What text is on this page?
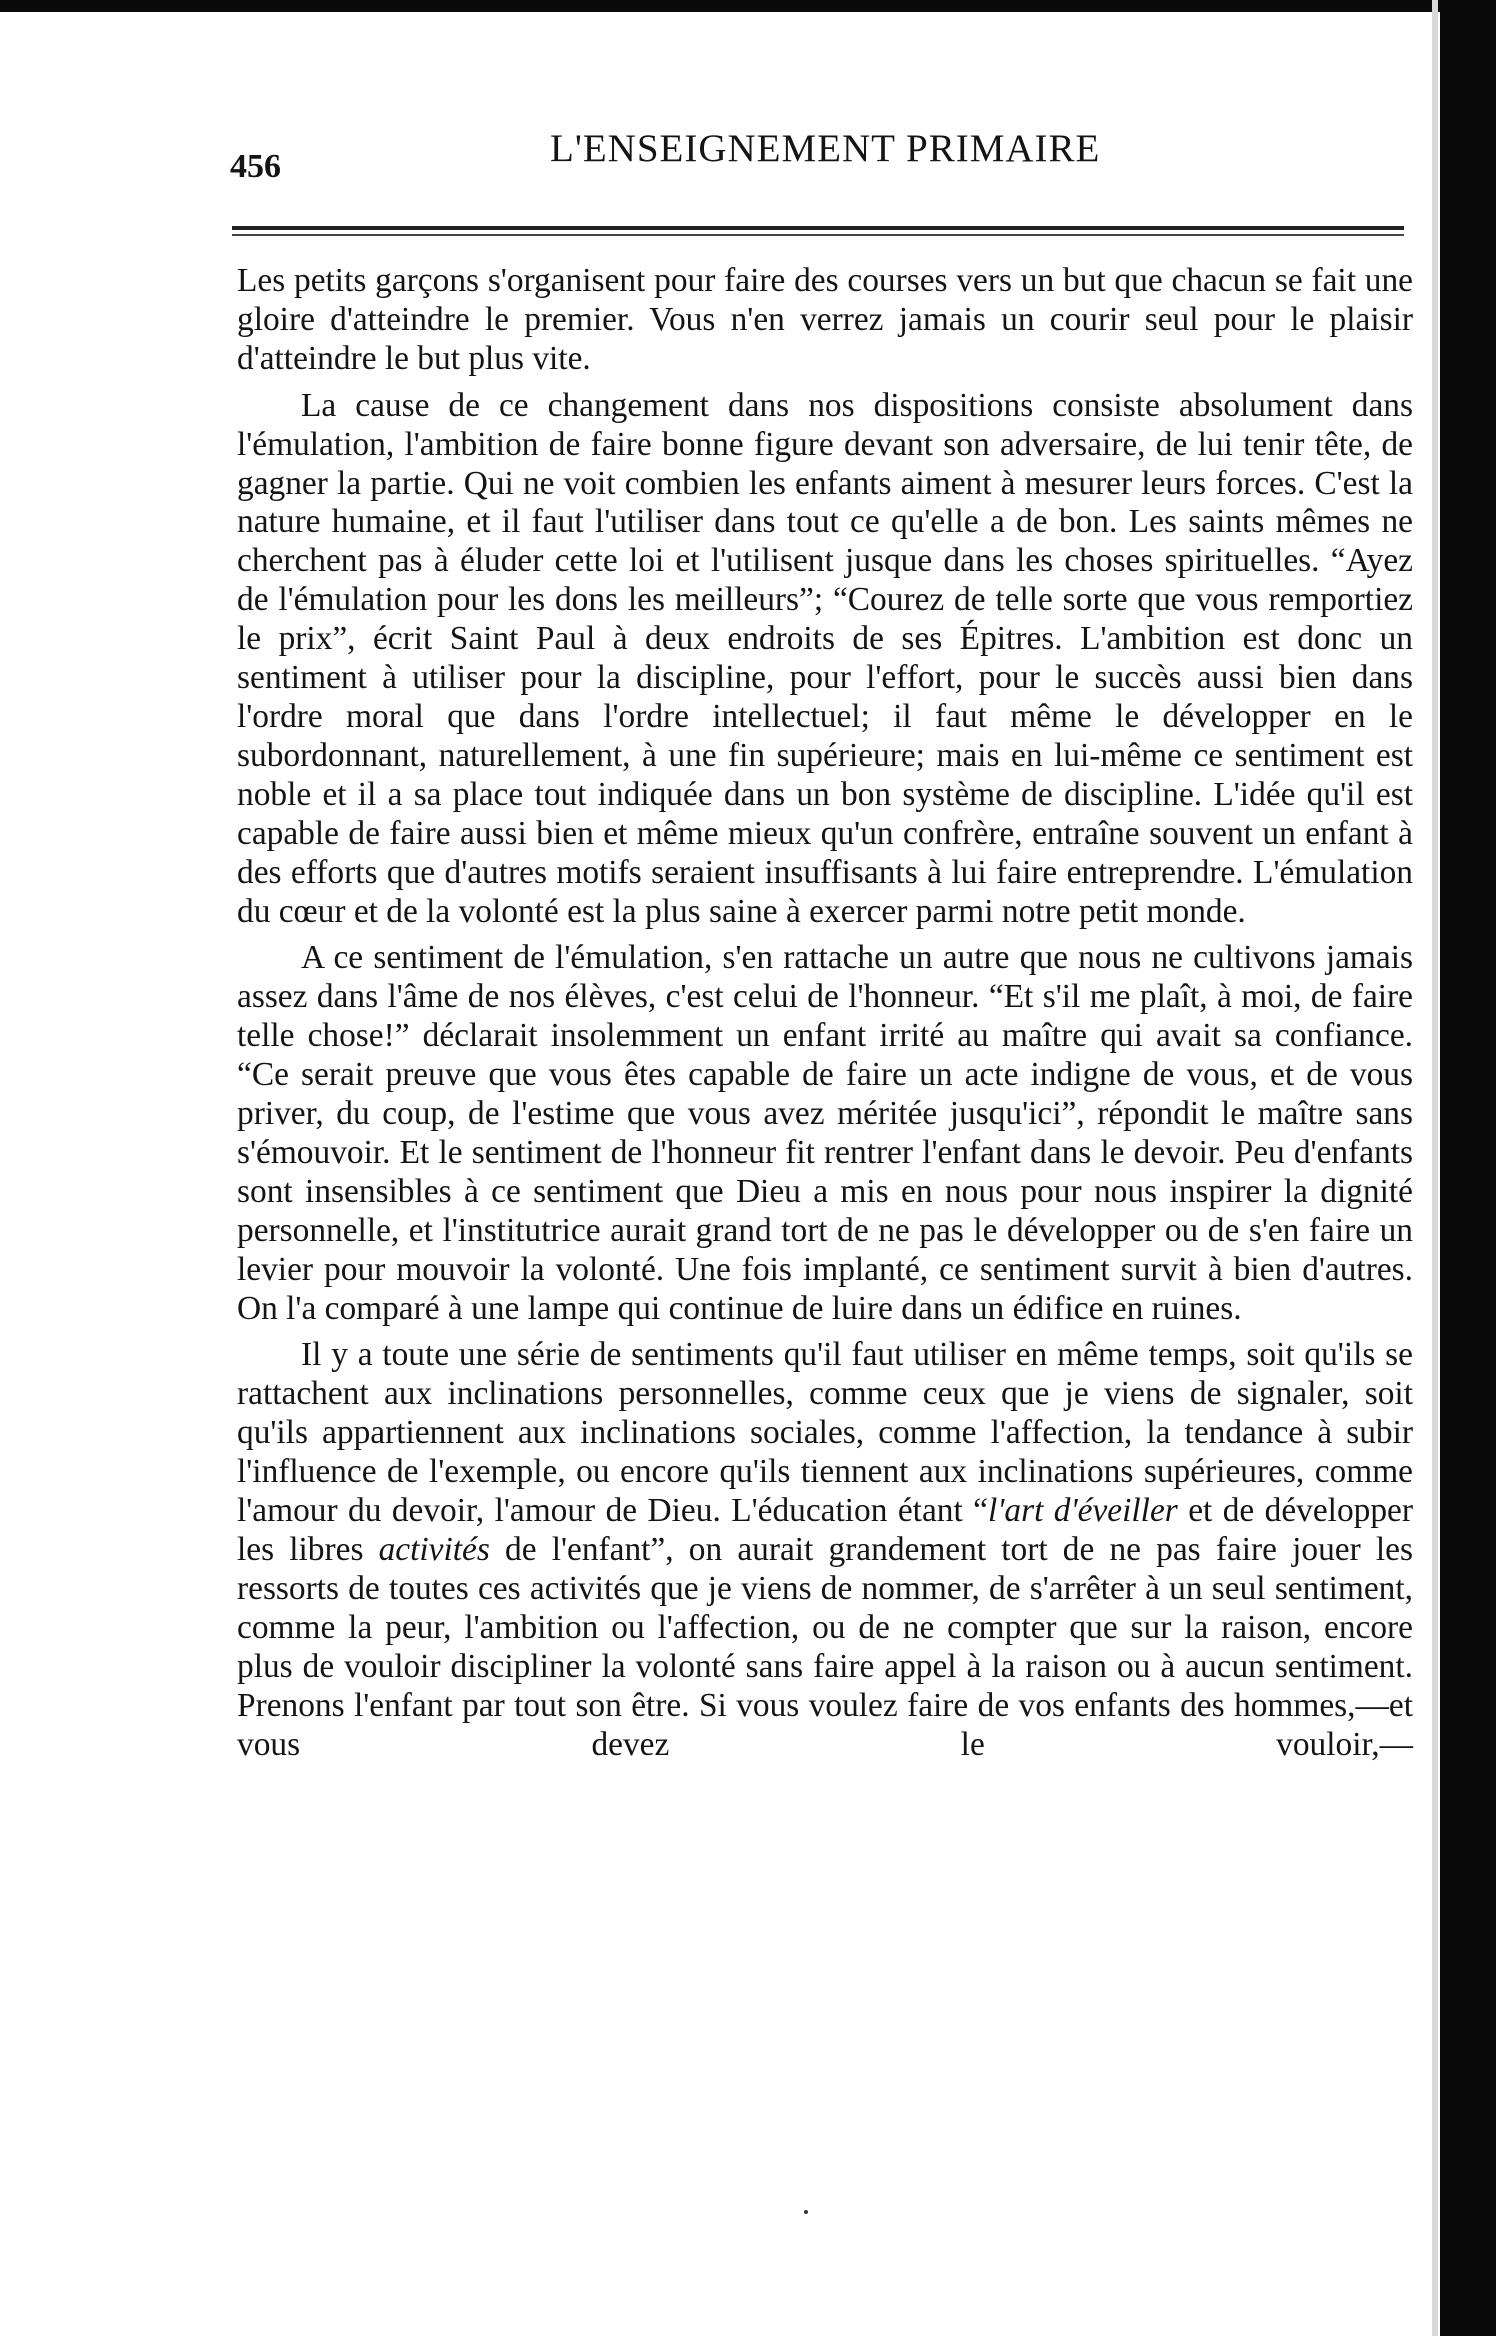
456	L'ENSEIGNEMENT PRIMAIRE

Les petits garçons s'organisent pour faire des courses vers un but que chacun se fait une gloire d'atteindre le premier. Vous n'en verrez jamais un courir seul pour le plaisir d'atteindre le but plus vite.

La cause de ce changement dans nos dispositions consiste absolument dans l'émulation, l'ambition de faire bonne figure devant son adversaire, de lui tenir tête, de gagner la partie. Qui ne voit combien les enfants aiment à mesurer leurs forces. C'est la nature humaine, et il faut l'utiliser dans tout ce qu'elle a de bon. Les saints mêmes ne cherchent pas à éluder cette loi et l'utilisent jusque dans les choses spirituelles. “Ayez de l'émulation pour les dons les meilleurs”; “Courez de telle sorte que vous remportiez le prix”, écrit Saint Paul à deux endroits de ses Épitres. L'ambition est donc un sentiment à utiliser pour la discipline, pour l'effort, pour le succès aussi bien dans l'ordre moral que dans l'ordre intellectuel; il faut même le développer en le subordonnant, naturellement, à une fin supérieure; mais en lui-même ce sentiment est noble et il a sa place tout indiquée dans un bon système de discipline. L'idée qu'il est capable de faire aussi bien et même mieux qu'un confrère, entraîne souvent un enfant à des efforts que d'autres motifs seraient insuffisants à lui faire entreprendre. L'émulation du cœur et de la volonté est la plus saine à exercer parmi notre petit monde.

A ce sentiment de l'émulation, s'en rattache un autre que nous ne cultivons jamais assez dans l'âme de nos élèves, c'est celui de l'honneur. “Et s'il me plaît, à moi, de faire telle chose!” déclarait insolemment un enfant irrité au maître qui avait sa confiance. “Ce serait preuve que vous êtes capable de faire un acte indigne de vous, et de vous priver, du coup, de l'estime que vous avez méritée jusqu'ici”, répondit le maître sans s'émouvoir. Et le sentiment de l'honneur fit rentrer l'enfant dans le devoir. Peu d'enfants sont insensibles à ce sentiment que Dieu a mis en nous pour nous inspirer la dignité personnelle, et l'institutrice aurait grand tort de ne pas le développer ou de s'en faire un levier pour mouvoir la volonté. Une fois implanté, ce sentiment survit à bien d'autres. On l'a comparé à une lampe qui continue de luire dans un édifice en ruines.

Il y a toute une série de sentiments qu'il faut utiliser en même temps, soit qu'ils se rattachent aux inclinations personnelles, comme ceux que je viens de signaler, soit qu'ils appartiennent aux inclinations sociales, comme l'affection, la tendance à subir l'influence de l'exemple, ou encore qu'ils tiennent aux inclinations supérieures, comme l'amour du devoir, l'amour de Dieu. L'éducation étant “l'art d'éveiller et de développer les libres activités de l'enfant”, on aurait grandement tort de ne pas faire jouer les ressorts de toutes ces activités que je viens de nommer, de s'arrêter à un seul sentiment, comme la peur, l'ambition ou l'affection, ou de ne compter que sur la raison, encore plus de vouloir discipliner la volonté sans faire appel à la raison ou à aucun sentiment. Prenons l'enfant par tout son être. Si vous voulez faire de vos enfants des hommes,—et vous devez le vouloir,—
